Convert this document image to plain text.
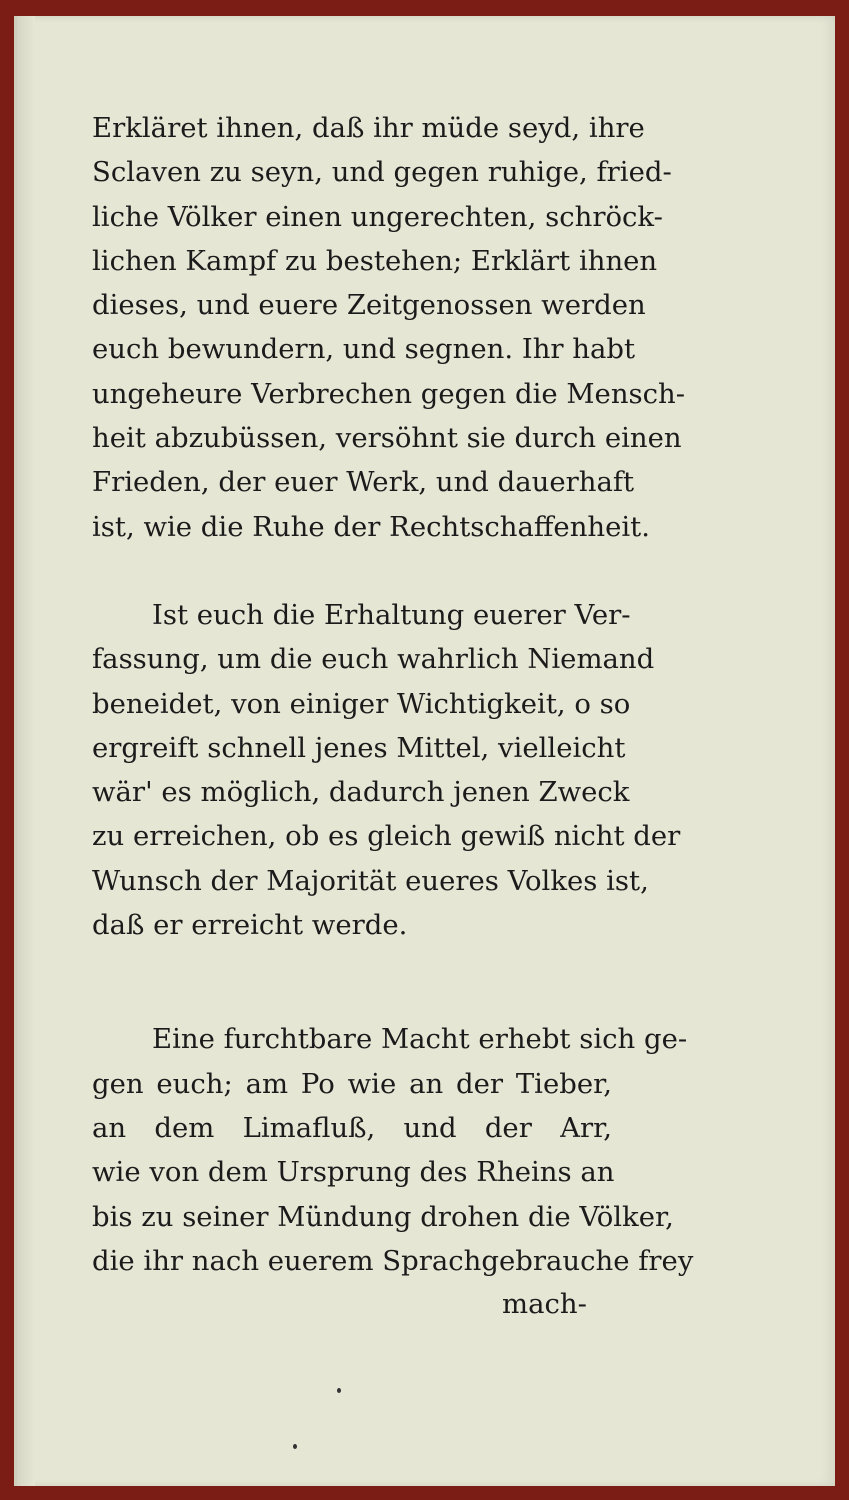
Erkläret ihnen, daß ihr müde seyd, ihre
Sclaven zu seyn, und gegen ruhige, fried-
liche Völker einen ungerechten, schröck-
lichen Kampf zu bestehen; Erklärt ihnen
dieses, und euere Zeitgenossen werden
euch bewundern, und segnen. Ihr habt
ungeheure Verbrechen gegen die Mensch-
heit abzubüssen, versöhnt sie durch einen
Frieden, der euer Werk, und dauerhaft
ist, wie die Ruhe der Rechtschaffenheit.
Ist euch die Erhaltung euerer Ver-
fassung, um die euch wahrlich Niemand
beneidet, von einiger Wichtigkeit, o so
ergreift schnell jenes Mittel, vielleicht
wär' es möglich, dadurch jenen Zweck
zu erreichen, ob es gleich gewiß nicht der
Wunsch der Majorität eueres Volkes ist,
daß er erreicht werde.
Eine furchtbare Macht erhebt sich ge-
gen euch; am Po wie an der Tieber,
an dem Limafluß, und der Arr,
wie von dem Ursprung des Rheins an
bis zu seiner Mündung drohen die Völker,
die ihr nach euerem Sprachgebrauche frey
mach-
